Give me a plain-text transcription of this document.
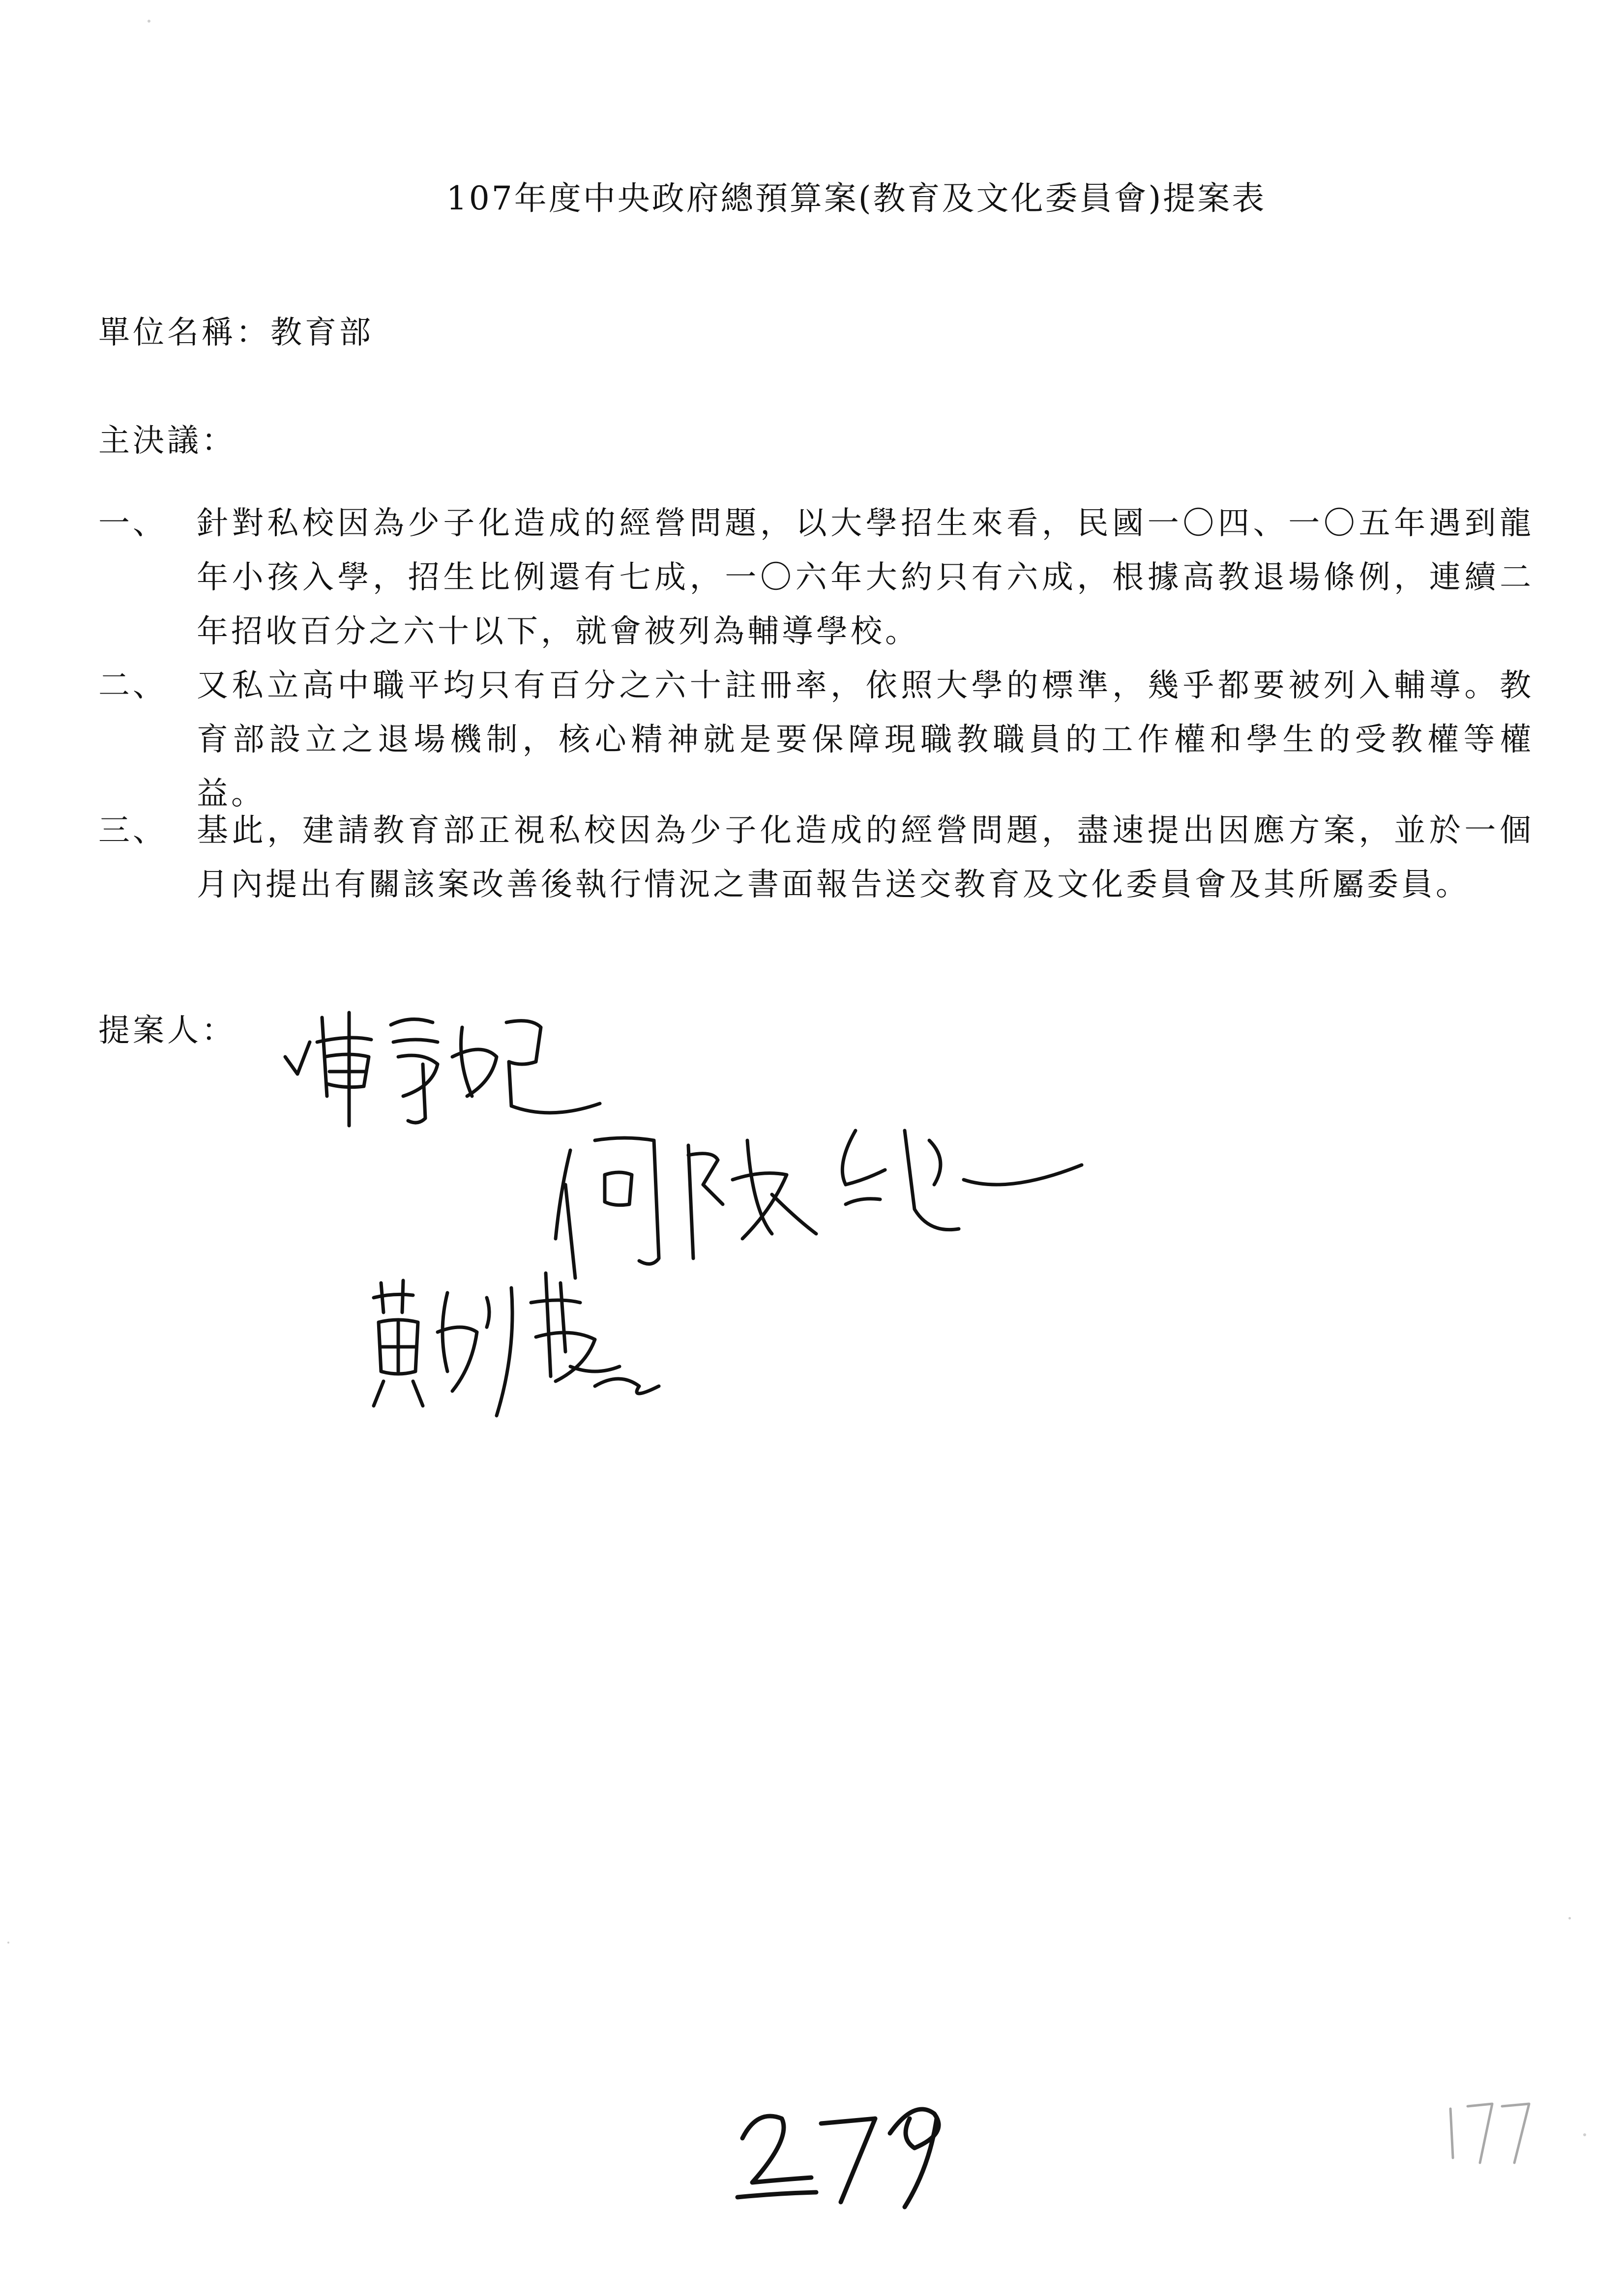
107年度中央政府總預算案(教育及文化委員會)提案表
單位名稱：教育部
主決議：
一、 針對私校因為少子化造成的經營問題，以大學招生來看，民國一〇四、一〇五年遇到龍年小孩入學，招生比例還有七成，一〇六年大約只有六成，根據高教退場條例，連續二年招收百分之六十以下，就會被列為輔導學校。
二、 又私立高中職平均只有百分之六十註冊率，依照大學的標準，幾乎都要被列入輔導。教育部設立之退場機制，核心精神就是要保障現職教職員的工作權和學生的受教權等權益。
三、 基此，建請教育部正視私校因為少子化造成的經營問題，盡速提出因應方案，並於一個月內提出有關該案改善後執行情況之書面報告送交教育及文化委員會及其所屬委員。
提案人：
